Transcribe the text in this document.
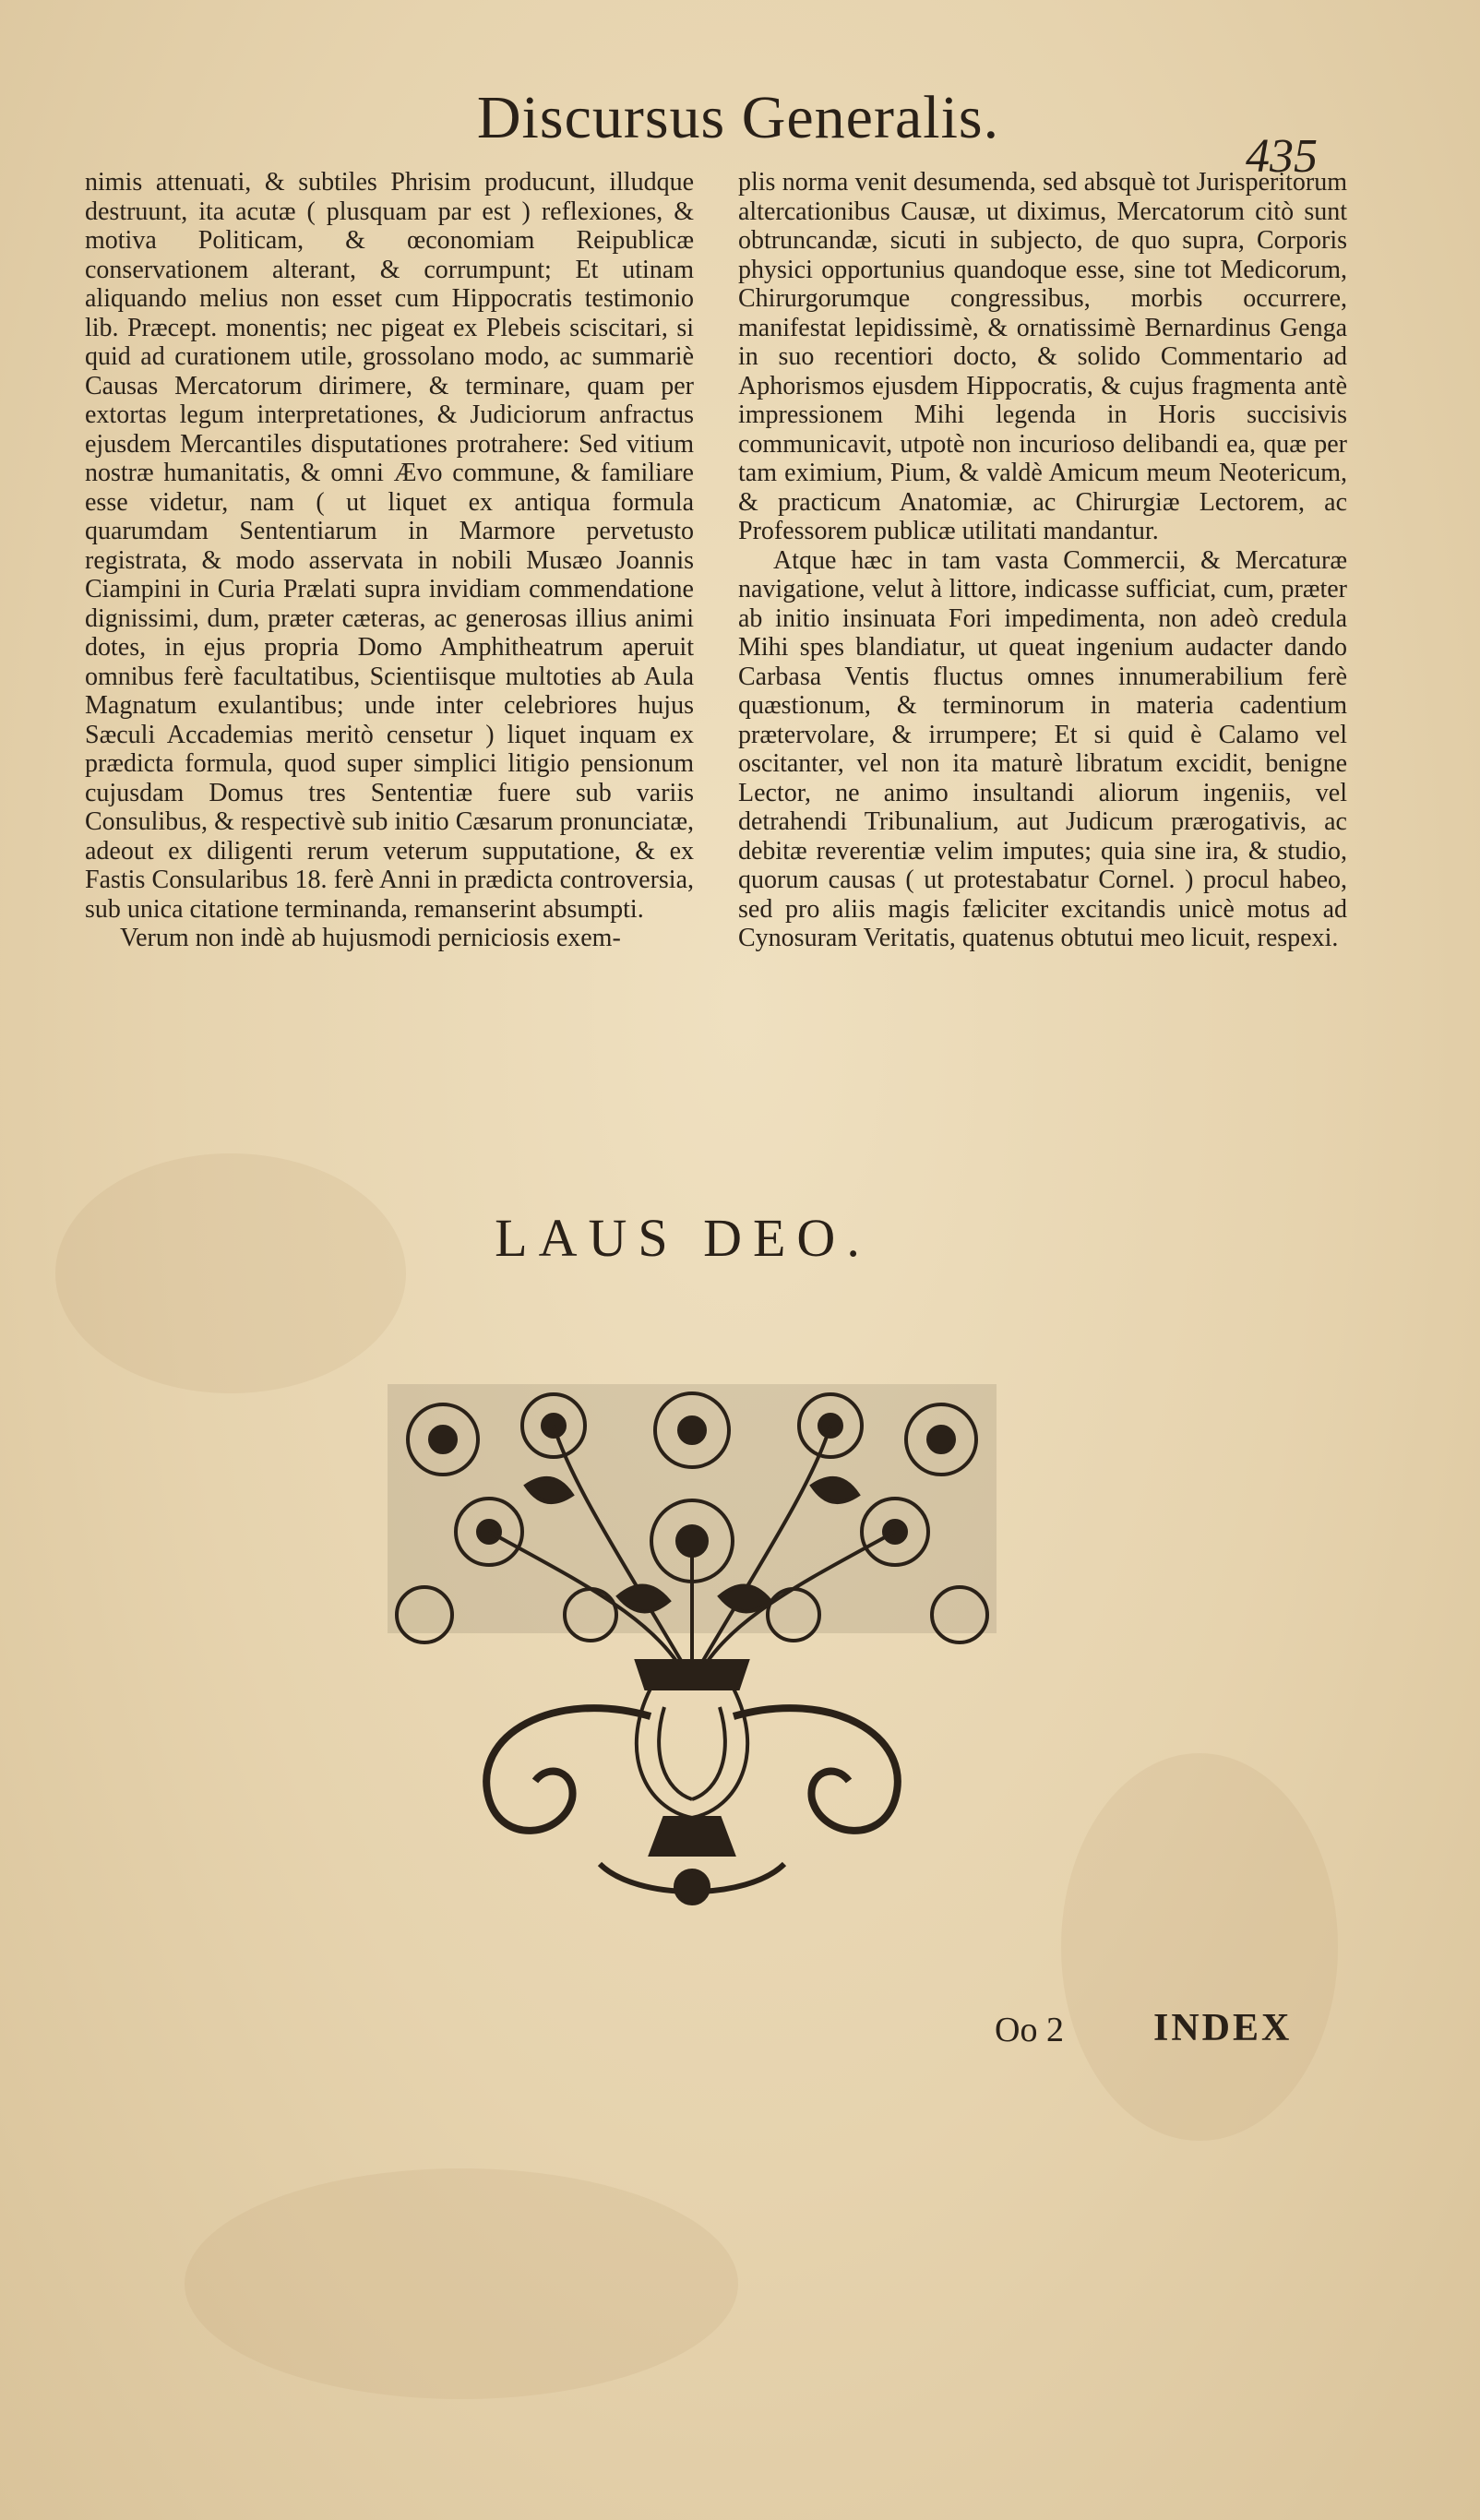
Discursus Generalis.
435

nimis attenuati, & subtiles Phrisim producunt, illudque destruunt, ita acutæ ( plusquam par est ) reflexiones, & motiva Politicam, & œconomiam Reipublicæ conservationem alterant, & corrumpunt; Et utinam aliquando melius non esset cum Hippocratis testimonio lib. Præcept. monentis; nec pigeat ex Plebeis sciscitari, si quid ad curationem utile, grossolano modo, ac summariè Causas Mercatorum dirimere, & terminare, quam per extortas legum interpretationes, & Judiciorum anfractus ejusdem Mercantiles disputationes protrahere: Sed vitium nostræ humanitatis, & omni Ævo commune, & familiare esse videtur, nam ( ut liquet ex antiqua formula quarumdam Sententiarum in Marmore pervetusto registrata, & modo asservata in nobili Musæo Joannis Ciampini in Curia Prælati supra invidiam commendatione dignissimi, dum, præter cæteras, ac generosas illius animi dotes, in ejus propria Domo Amphitheatrum aperuit omnibus ferè facultatibus, Scientiisque multoties ab Aula Magnatum exulantibus; unde inter celebriores hujus Sæculi Accademias meritò censetur ) liquet inquam ex prædicta formula, quod super simplici litigio pensionum cujusdam Domus tres Sententiæ fuere sub variis Consulibus, & respectivè sub initio Cæsarum pronunciatæ, adeout ex diligenti rerum veterum supputatione, & ex Fastis Consularibus 18. ferè Anni in prædicta controversia, sub unica citatione terminanda, remanserint absumpti.

Verum non indè ab hujusmodi perniciosis exem-

plis norma venit desumenda, sed absquè tot Jurisperitorum altercationibus Causæ, ut diximus, Mercatorum citò sunt obtruncandæ, sicuti in subjecto, de quo supra, Corporis physici opportunius quandoque esse, sine tot Medicorum, Chirurgorumque congressibus, morbis occurrere, manifestat lepidissimè, & ornatissimè Bernardinus Genga in suo recentiori docto, & solido Commentario ad Aphorismos ejusdem Hippocratis, & cujus fragmenta antè impressionem Mihi legenda in Horis succisivis communicavit, utpotè non incurioso delibandi ea, quæ per tam eximium, Pium, & valdè Amicum meum Neotericum, & practicum Anatomiæ, ac Chirurgiæ Lectorem, ac Professorem publicæ utilitati mandantur.

Atque hæc in tam vasta Commercii, & Mercaturæ navigatione, velut à littore, indicasse sufficiat, cum, præter ab initio insinuata Fori impedimenta, non adeò credula Mihi spes blandiatur, ut queat ingenium audacter dando Carbasa Ventis fluctus omnes innumerabilium ferè quæstionum, & terminorum in materia cadentium prætervolare, & irrumpere; Et si quid è Calamo vel oscitanter, vel non ita maturè libratum excidit, benigne Lector, ne animo insultandi aliorum ingeniis, vel detrahendi Tribunalium, aut Judicum prærogativis, ac debitæ reverentiæ velim imputes; quia sine ira, & studio, quorum causas ( ut protestabatur Cornel. ) procul habeo, sed pro aliis magis fæliciter excitandis unicè motus ad Cynosuram Veritatis, quatenus obtutui meo licuit, respexi.

LAUS DEO.
Oo 2 INDEX
